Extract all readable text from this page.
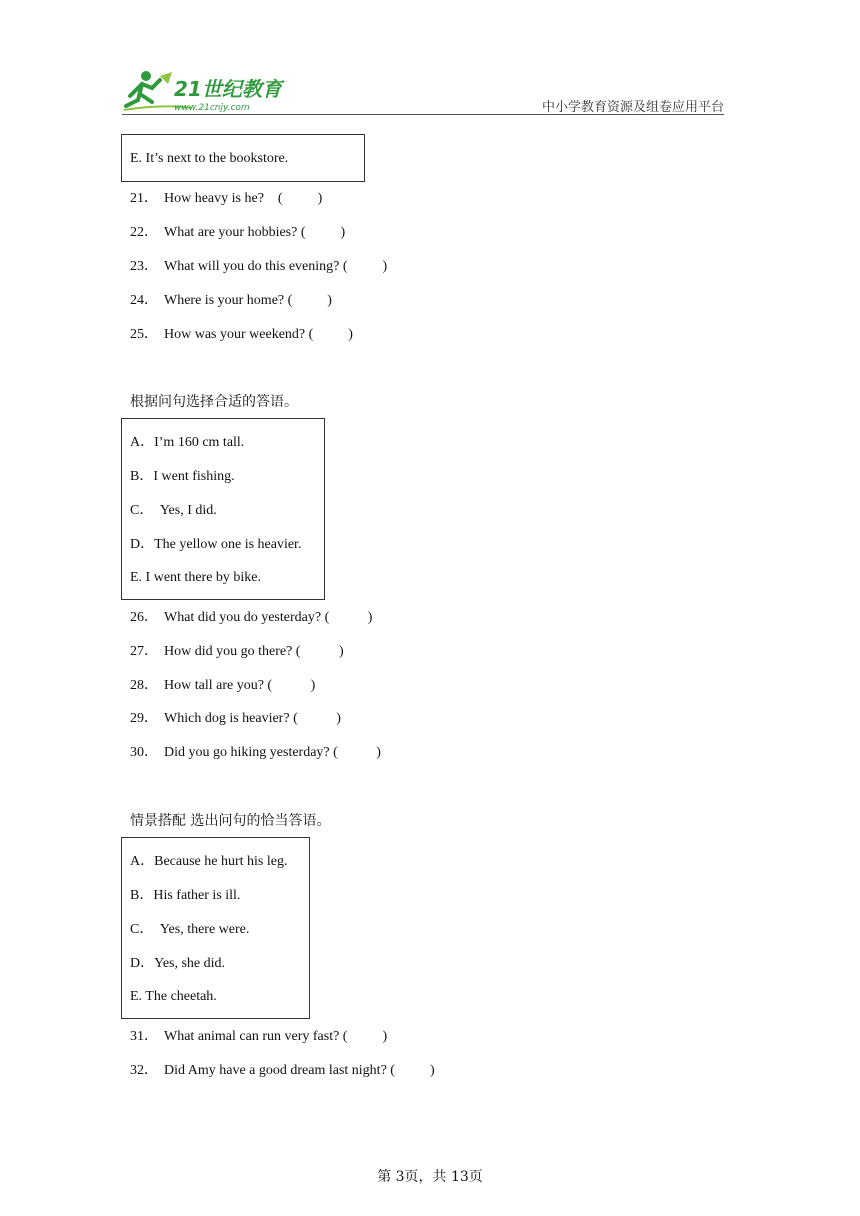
21世纪教育
www.21cnjy.com	中小学教育资源及组卷应用平台
E. It’s next to the bookstore.
21． How heavy is he?    (          )
22． What are your hobbies? (          )
23． What will you do this evening? (          )
24． Where is your home? (          )
25． How was your weekend? (          )
根据问句选择合适的答语。
A．I’m 160 cm tall.
B．I went fishing.
C．  Yes, I did.
D．The yellow one is heavier.
E. I went there by bike.
26． What did you do yesterday? (           )
27． How did you go there? (           )
28． How tall are you? (           )
29． Which dog is heavier? (           )
30． Did you go hiking yesterday? (           )
情景搭配 选出问句的恰当答语。
A．Because he hurt his leg.
B．His father is ill.
C．  Yes, there were.
D．Yes, she did.
E. The cheetah.
31． What animal can run very fast? (          )
32． Did Amy have a good dream last night? (          )
第 3页，共 13页
